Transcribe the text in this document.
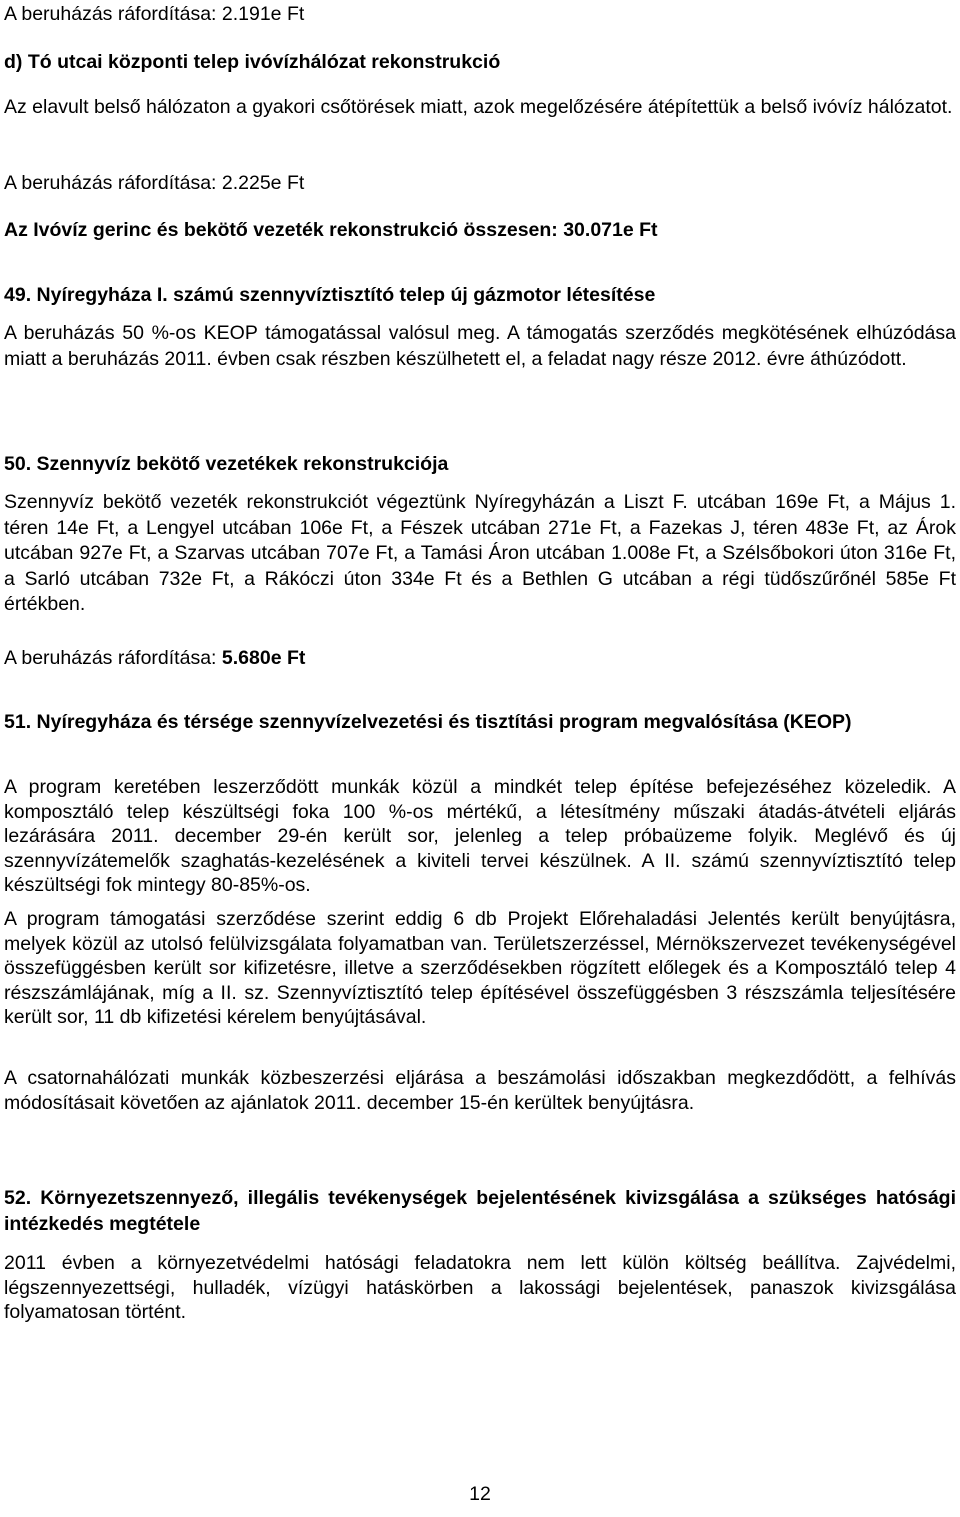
A beruházás ráfordítása: 2.191e Ft
d) Tó utcai központi telep ivóvízhálózat rekonstrukció
Az elavult belső hálózaton a gyakori csőtörések miatt, azok megelőzésére átépítettük a belső ivóvíz hálózatot.
A beruházás ráfordítása: 2.225e Ft
Az Ivóvíz gerinc és bekötő vezeték rekonstrukció összesen: 30.071e Ft
49. Nyíregyháza I. számú szennyvíztisztító telep új gázmotor létesítése
A beruházás 50 %-os KEOP támogatással valósul meg. A támogatás szerződés megkötésének elhúzódása miatt a beruházás 2011. évben csak részben készülhetett el, a feladat nagy része 2012. évre áthúzódott.
50. Szennyvíz bekötő vezetékek rekonstrukciója
Szennyvíz bekötő vezeték rekonstrukciót végeztünk Nyíregyházán a Liszt F. utcában 169e Ft, a Május 1. téren 14e Ft, a Lengyel utcában 106e Ft, a Fészek utcában 271e Ft, a Fazekas J, téren 483e Ft, az Árok utcában 927e Ft, a Szarvas utcában 707e Ft, a Tamási Áron utcában 1.008e Ft, a Szélsőbokori úton 316e Ft, a Sarló utcában 732e Ft, a Rákóczi úton 334e Ft és a Bethlen G utcában a régi tüdőszűrőnél 585e Ft értékben.
A beruházás ráfordítása: 5.680e Ft
51. Nyíregyháza és térsége szennyvízelvezetési és tisztítási program megvalósítása (KEOP)
A program keretében leszerződött munkák közül a mindkét telep építése befejezéséhez közeledik. A komposztáló telep készültségi foka 100 %-os mértékű, a létesítmény műszaki átadás-átvételi eljárás lezárására 2011. december 29-én került sor, jelenleg a telep próbaüzeme folyik. Meglévő és új szennyvízátemelők szaghatás-kezelésének a kiviteli tervei készülnek. A II. számú szennyvíztisztító telep készültségi fok mintegy 80-85%-os.
A program támogatási szerződése szerint eddig 6 db Projekt Előrehaladási Jelentés került benyújtásra, melyek közül az utolsó felülvizsgálata folyamatban van. Területszerzéssel, Mérnökszervezet tevékenységével összefüggésben került sor kifizetésre, illetve a szerződésekben rögzített előlegek és a Komposztáló telep 4 részszámlájának, míg a II. sz. Szennyvíztisztító telep építésével összefüggésben 3 részszámla teljesítésére került sor, 11 db kifizetési kérelem benyújtásával.
A csatornahálózati munkák közbeszerzési eljárása a beszámolási időszakban megkezdődött, a felhívás módosításait követően az ajánlatok 2011. december 15-én kerültek benyújtásra.
52. Környezetszennyező, illegális tevékenységek bejelentésének kivizsgálása a szükséges hatósági intézkedés megtétele
2011 évben a környezetvédelmi hatósági feladatokra nem lett külön költség beállítva. Zajvédelmi, légszennyezettségi, hulladék, vízügyi hatáskörben a lakossági bejelentések, panaszok kivizsgálása folyamatosan történt.
12
